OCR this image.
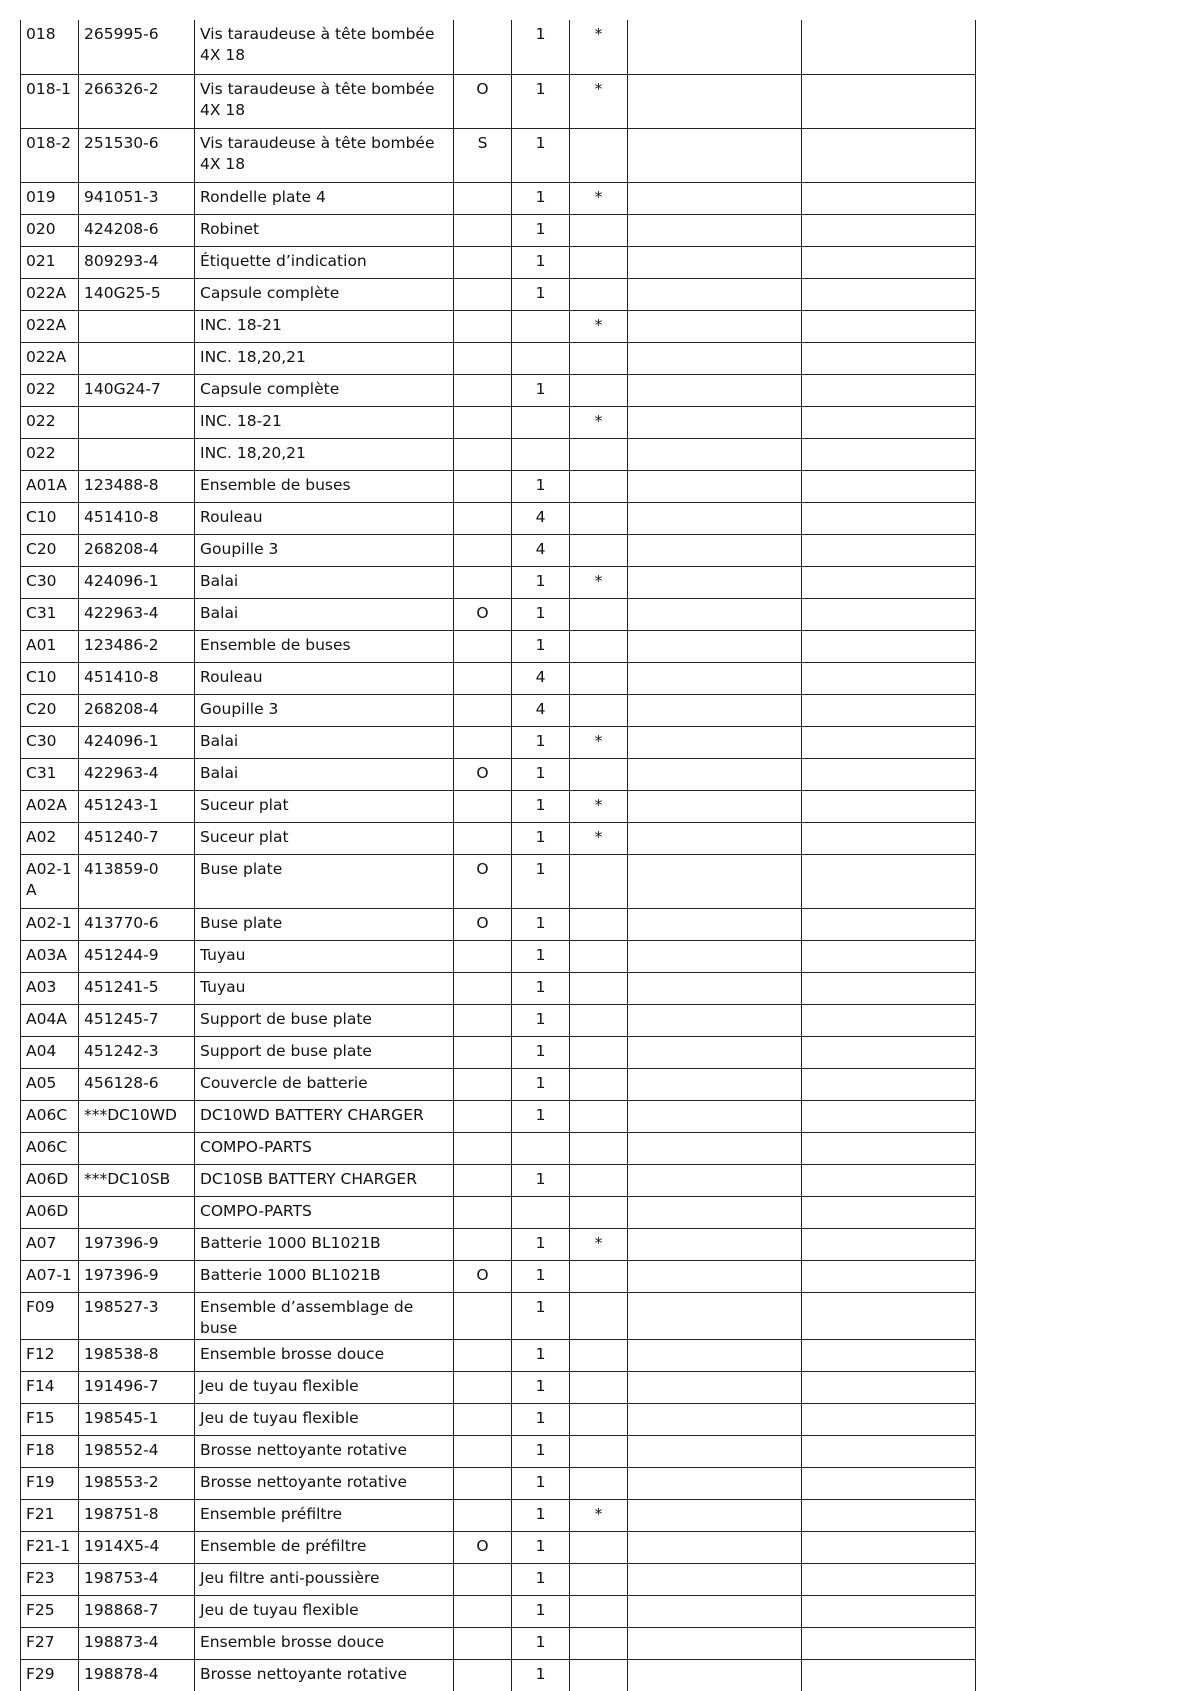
018	265995-6	Vis taraudeuse à tête bombée 4X 18		1	*		
018-1	266326-2	Vis taraudeuse à tête bombée 4X 18	O	1	*		
018-2	251530-6	Vis taraudeuse à tête bombée 4X 18	S	1			
019	941051-3	Rondelle plate 4		1	*		
020	424208-6	Robinet		1			
021	809293-4	Étiquette d’indication		1			
022A	140G25-5	Capsule complète		1			
022A		INC. 18-21			*		
022A		INC. 18,20,21					
022	140G24-7	Capsule complète		1			
022		INC. 18-21			*		
022		INC. 18,20,21					
A01A	123488-8	Ensemble de buses		1			
C10	451410-8	Rouleau		4			
C20	268208-4	Goupille 3		4			
C30	424096-1	Balai		1	*		
C31	422963-4	Balai	O	1			
A01	123486-2	Ensemble de buses		1			
C10	451410-8	Rouleau		4			
C20	268208-4	Goupille 3		4			
C30	424096-1	Balai		1	*		
C31	422963-4	Balai	O	1			
A02A	451243-1	Suceur plat		1	*		
A02	451240-7	Suceur plat		1	*		
A02-1 A	413859-0	Buse plate	O	1			
A02-1	413770-6	Buse plate	O	1			
A03A	451244-9	Tuyau		1			
A03	451241-5	Tuyau		1			
A04A	451245-7	Support de buse plate		1			
A04	451242-3	Support de buse plate		1			
A05	456128-6	Couvercle de batterie		1			
A06C	***DC10WD	DC10WD BATTERY CHARGER		1			
A06C		COMPO-PARTS					
A06D	***DC10SB	DC10SB BATTERY CHARGER		1			
A06D		COMPO-PARTS					
A07	197396-9	Batterie 1000 BL1021B		1	*		
A07-1	197396-9	Batterie 1000 BL1021B	O	1			
F09	198527-3	Ensemble d’assemblage de buse		1			
F12	198538-8	Ensemble brosse douce		1			
F14	191496-7	Jeu de tuyau flexible		1			
F15	198545-1	Jeu de tuyau flexible		1			
F18	198552-4	Brosse nettoyante rotative		1			
F19	198553-2	Brosse nettoyante rotative		1			
F21	198751-8	Ensemble préfiltre		1	*		
F21-1	1914X5-4	Ensemble de préfiltre	O	1			
F23	198753-4	Jeu filtre anti-poussière		1			
F25	198868-7	Jeu de tuyau flexible		1			
F27	198873-4	Ensemble brosse douce		1			
F29	198878-4	Brosse nettoyante rotative		1			
